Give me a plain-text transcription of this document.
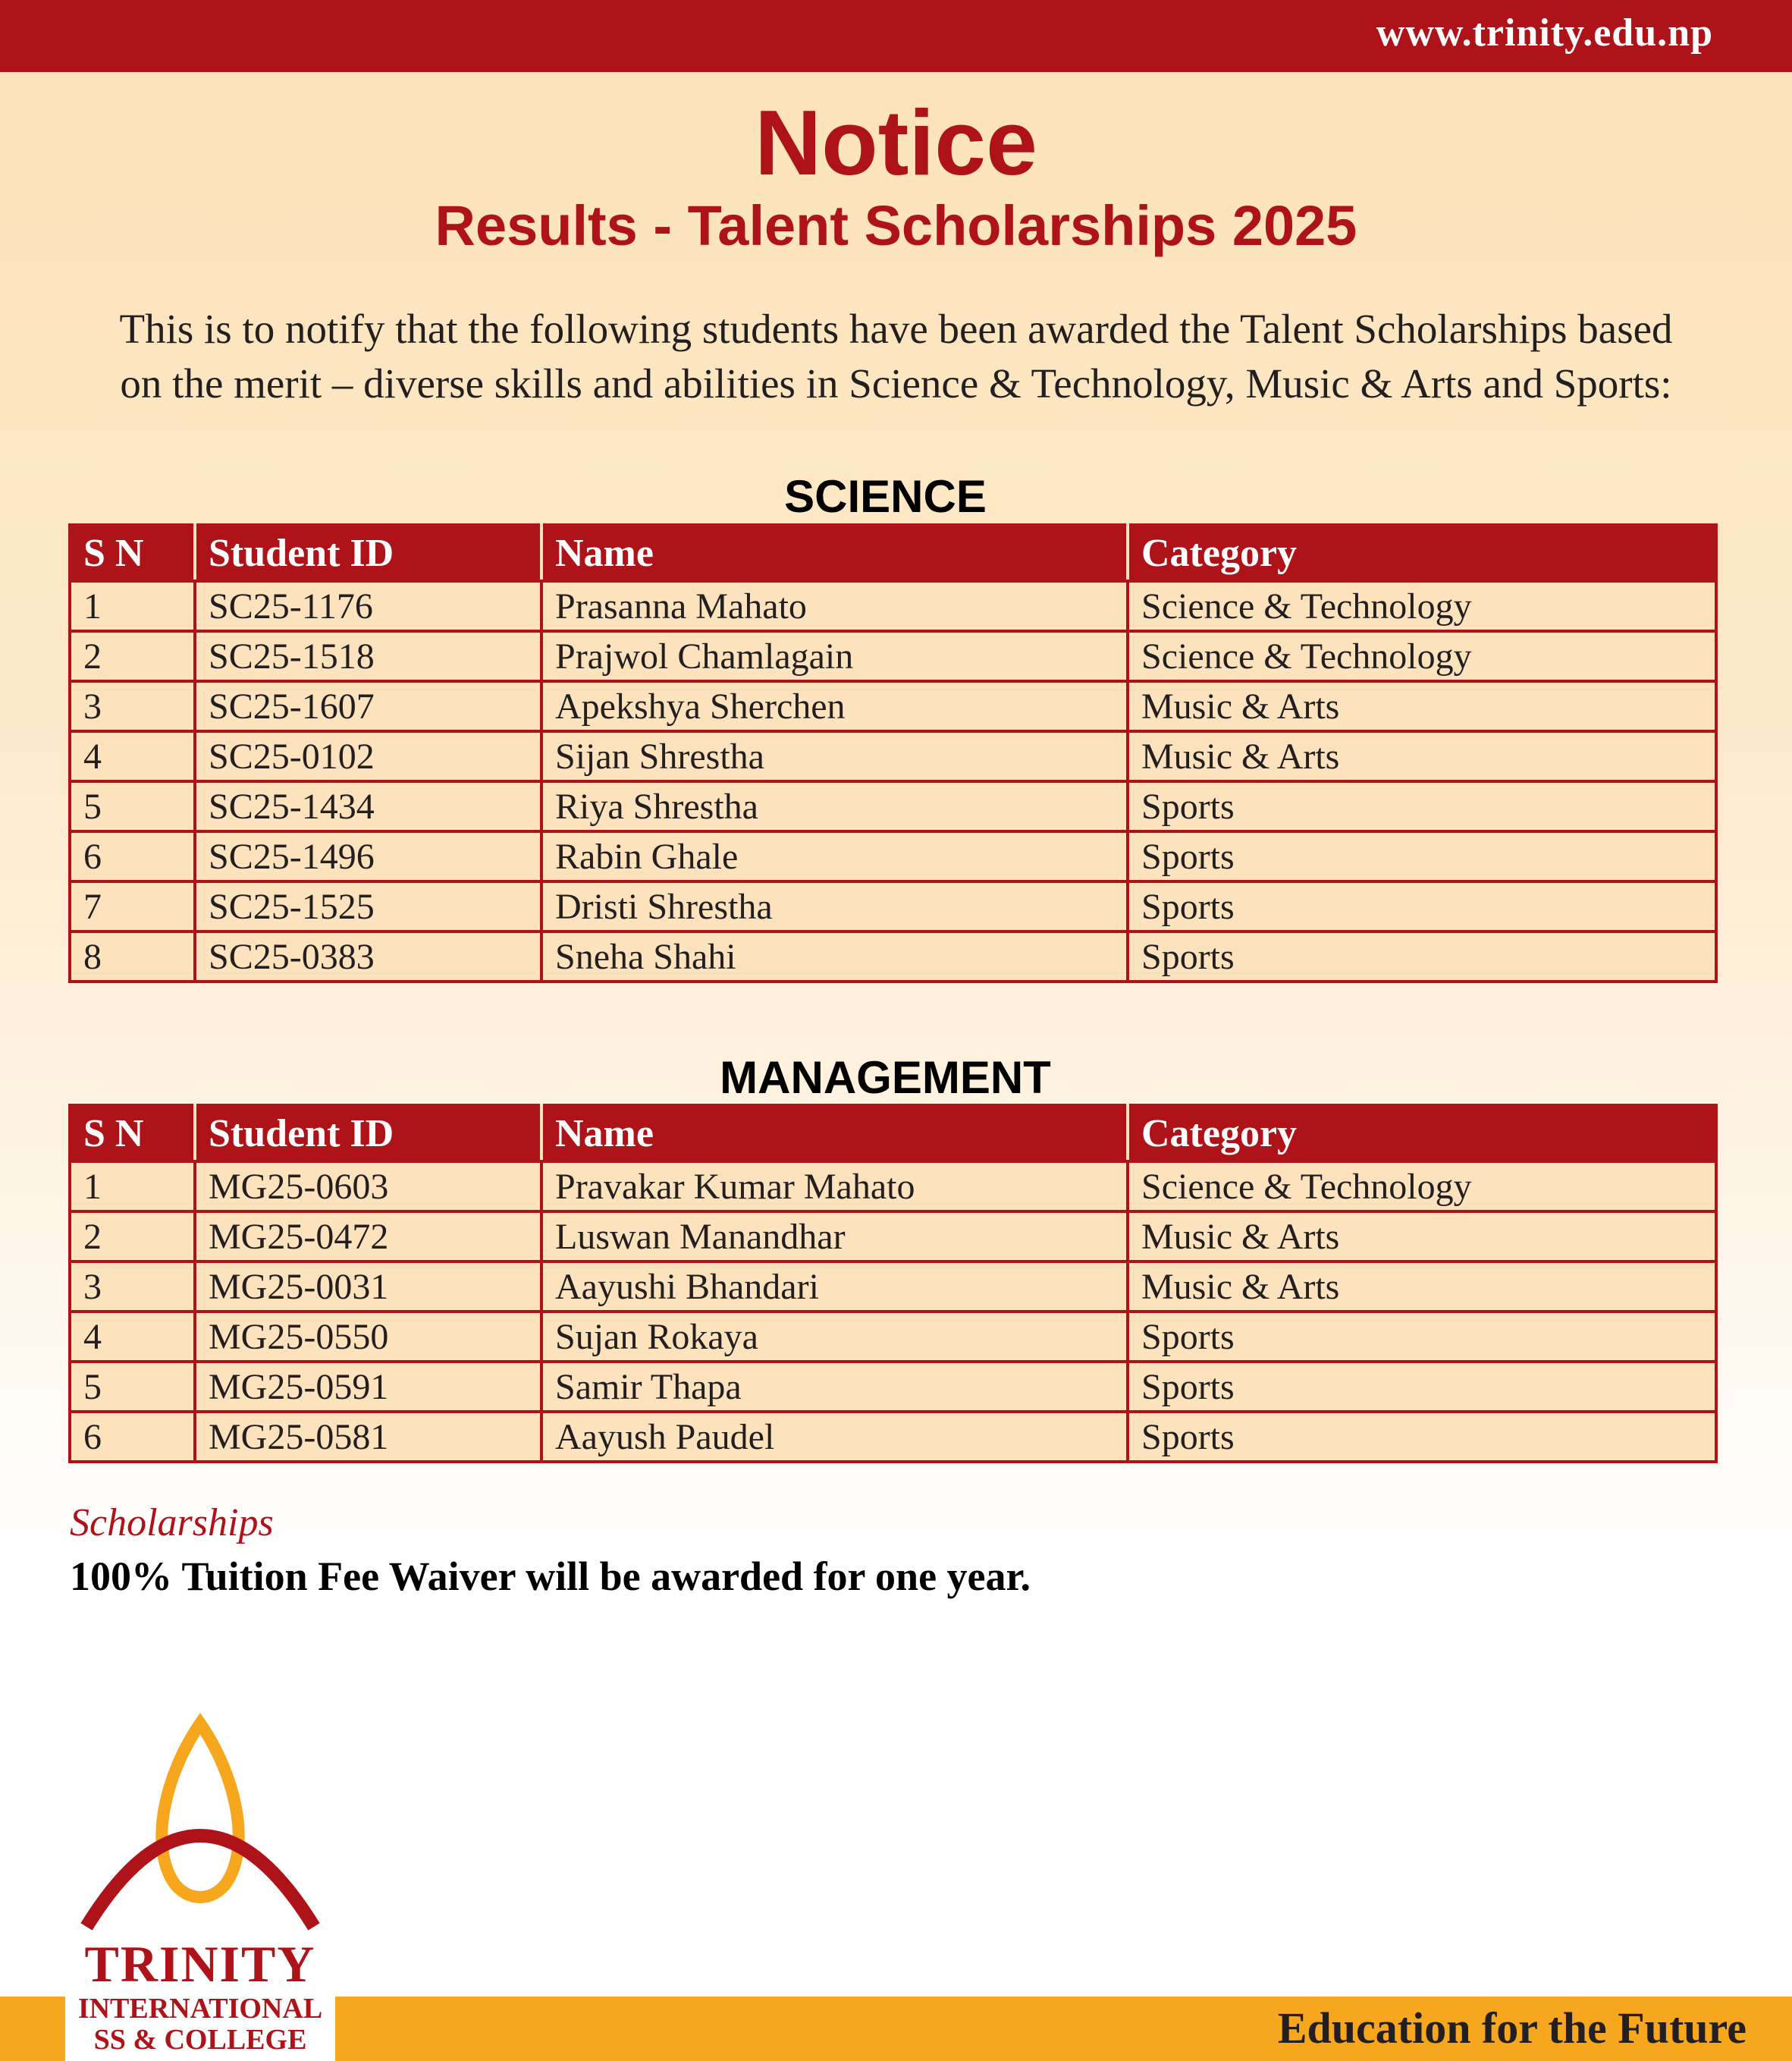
www.trinity.edu.np
Notice
Results - Talent Scholarships 2025
This is to notify that the following students have been awarded the Talent Scholarships based
on the merit – diverse skills and abilities in Science & Technology, Music & Arts and Sports:
SCIENCE
S N	Student ID	Name	Category
1	SC25-1176	Prasanna Mahato	Science & Technology
2	SC25-1518	Prajwol Chamlagain	Science & Technology
3	SC25-1607	Apekshya Sherchen	Music & Arts
4	SC25-0102	Sijan Shrestha	Music & Arts
5	SC25-1434	Riya Shrestha	Sports
6	SC25-1496	Rabin Ghale	Sports
7	SC25-1525	Dristi Shrestha	Sports
8	SC25-0383	Sneha Shahi	Sports
MANAGEMENT
S N	Student ID	Name	Category
1	MG25-0603	Pravakar Kumar Mahato	Science & Technology
2	MG25-0472	Luswan Manandhar	Music & Arts
3	MG25-0031	Aayushi Bhandari	Music & Arts
4	MG25-0550	Sujan Rokaya	Sports
5	MG25-0591	Samir Thapa	Sports
6	MG25-0581	Aayush Paudel	Sports
Scholarships
100% Tuition Fee Waiver will be awarded for one year.
Education for the Future
TRINITY
INTERNATIONAL
SS & COLLEGE
